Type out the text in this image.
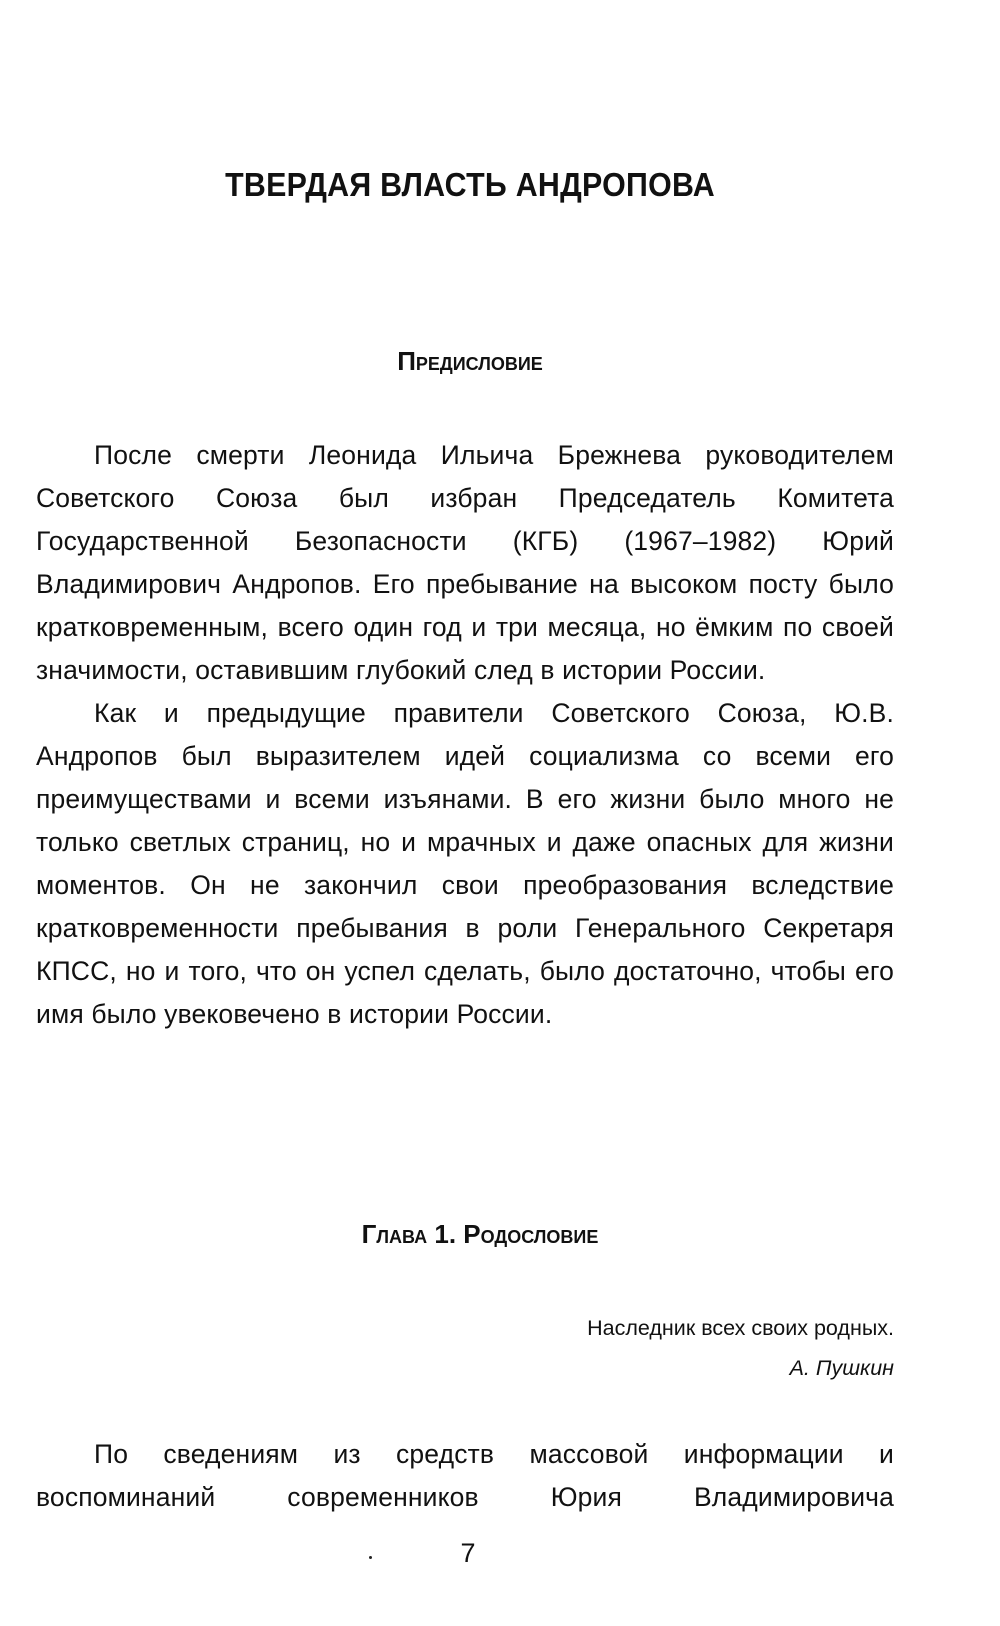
ТВЕРДАЯ ВЛАСТЬ АНДРОПОВА
Предисловие

После смерти Леонида Ильича Брежнева руководителем Советского Союза был избран Председатель Комитета Государственной Безопасности (КГБ) (1967–1982) Юрий Владимирович Андропов. Его пребывание на высоком посту было кратковременным, всего один год и три месяца, но ёмким по своей значимости, оставившим глубокий след в истории России.

Как и предыдущие правители Советского Союза, Ю.В. Андропов был выразителем идей социализма со всеми его преимуществами и всеми изъянами. В его жизни было много не только светлых страниц, но и мрачных и даже опасных для жизни моментов. Он не закончил свои преобразования вследствие кратковременности пребывания в роли Генерального Секретаря КПСС, но и того, что он успел сделать, было достаточно, чтобы его имя было увековечено в истории России.

Глава 1. Родословие
Наследник всех своих родных.
А. Пушкин

По сведениям из средств массовой информации и воспоминаний современников Юрия Владимировича

7
